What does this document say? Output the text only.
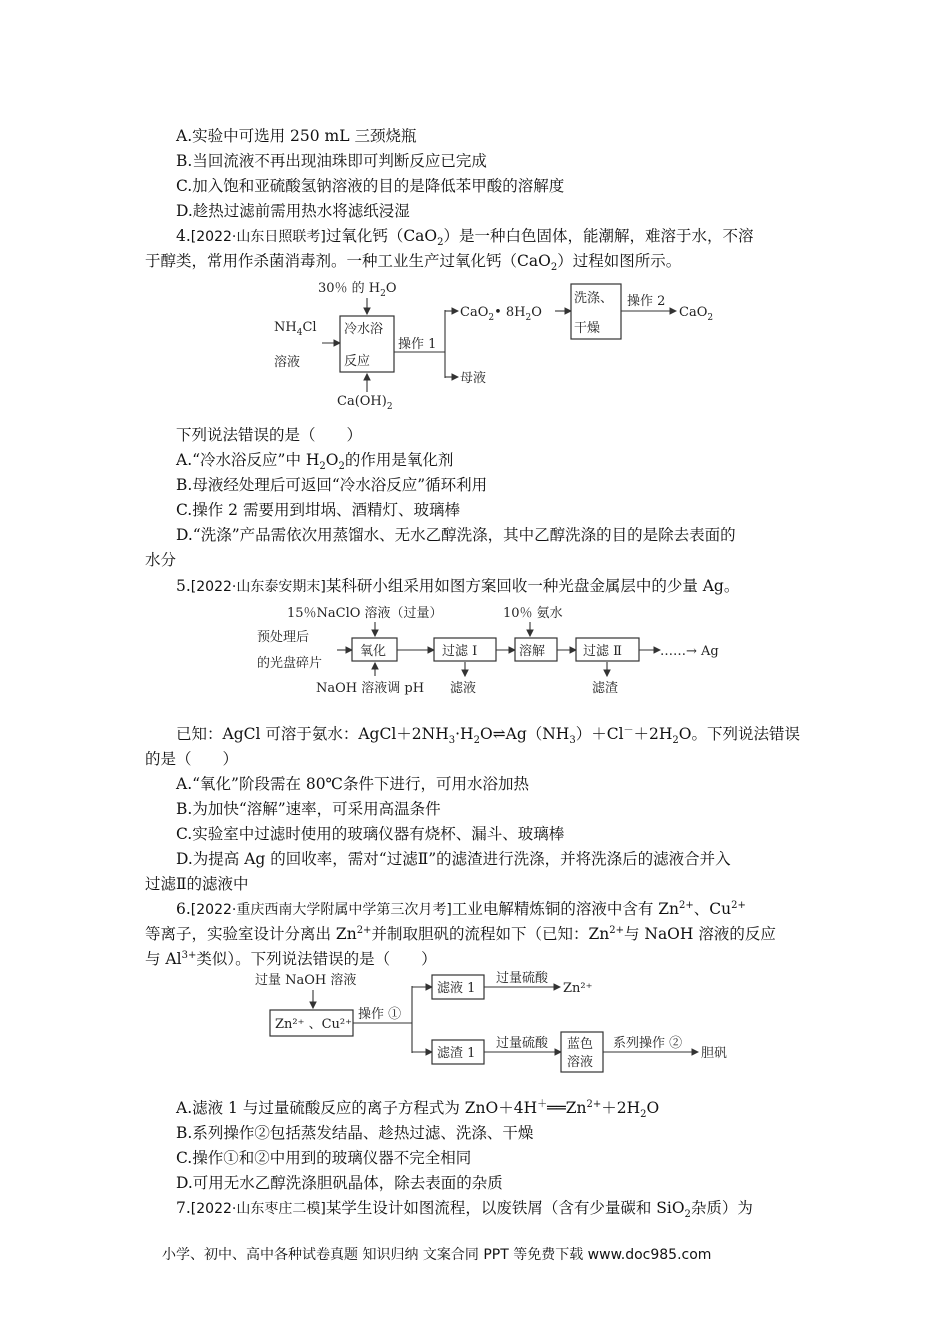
A.实验中可选用 250 mL 三颈烧瓶
B.当回流液不再出现油珠即可判断反应已完成
C.加入饱和亚硫酸氢钠溶液的目的是降低苯甲酸的溶解度
D.趁热过滤前需用热水将滤纸浸湿
4.[2022·山东日照联考]过氧化钙（CaO$_2$）是一种白色固体，能潮解，难溶于水，不溶
于醇类，常用作杀菌消毒剂。一种工业生产过氧化钙（CaO$_2$）过程如图所示。
30％ 的 $H_2O$
$NH_4Cl$
溶液
冷水浴
反应
$Ca(OH)_2$
操作 1
CaO$_2$• $8H_2O$
母液
洗涤、
干燥
操作 2
CaO$_2$
15％NaClO 溶液（过量）	10％ 氨水
预处理后
的光盘碎片
氧化	过滤 Ⅰ	溶解	过滤 Ⅱ	……→ Ag
NaOH 溶液调 pH 滤液	滤渣
过量 NaOH 溶液
Zn²⁺ 、Cu²⁺
操作 ①
滤液 1
过量硫酸
Zn²⁺
滤渣 1
过量硫酸 蓝色
溶液
系列操作 ②
胆矾
下列说法错误的是（　　）
A.“冷水浴反应”中 $H_2O_2$的作用是氧化剂
B.母液经处理后可返回“冷水浴反应”循环利用
C.操作 2 需要用到坩埚、酒精灯、玻璃棒
D.“洗涤”产品需依次用蒸馏水、无水乙醇洗涤，其中乙醇洗涤的目的是除去表面的
水分
5.[2022·山东泰安期末]某科研小组采用如图方案回收一种光盘金属层中的少量 Ag。
已知：AgCl 可溶于氨水：$AgCl+2NH_3\cdot H_2O\rightleftharpoons Ag(NH_3)+Cl^-+2H_2O$。下列说法错误
的是（　　）
A.“氧化”阶段需在 80℃条件下进行，可用水浴加热
B.为加快“溶解”速率，可采用高温条件
C.实验室中过滤时使用的玻璃仪器有烧杯、漏斗、玻璃棒
D.为提高 Ag 的回收率，需对“过滤Ⅱ”的滤渣进行洗涤，并将洗涤后的滤液合并入
过滤Ⅱ的滤液中
6.[2022·重庆西南大学附属中学第三次月考]工业电解精炼铜的溶液中含有 $Zn^{2+}$、$Cu^{2+}$
等离子，实验室设计分离出 $Zn^{2+}$并制取胆矾的流程如下（已知：$Zn^{2+}$与 NaOH 溶液的反应
与 $Al^{3+}$类似）。下列说法错误的是（　　）
A.滤液 1 与过量硫酸反应的离子方程式为 $ZnO+4H^+══Zn^{2+}+2H_2O$
B.系列操作②包括蒸发结晶、趁热过滤、洗涤、干燥
C.操作①和②中用到的玻璃仪器不完全相同
D.可用无水乙醇洗涤胆矾晶体，除去表面的杂质
7.[2022·山东枣庄二模]某学生设计如图流程，以废铁屑（含有少量碳和 SiO$_2$杂质）为
小学、初中、高中各种试卷真题 知识归纳 文案合同 PPT 等免费下载 www.doc985.com
